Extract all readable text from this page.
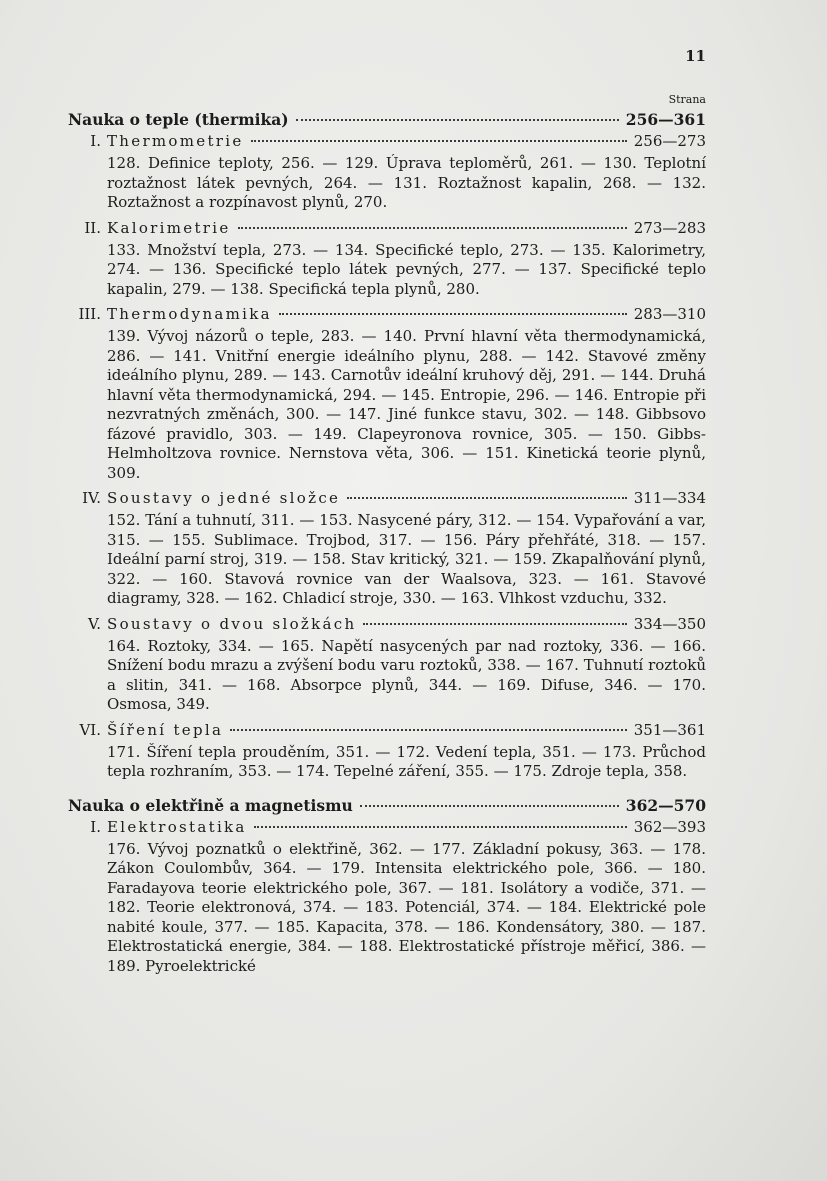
11
Strana
Nauka o teple (thermika)	256—361
I. Thermometrie	256—273
128. Definice teploty, 256. — 129. Úprava teploměrů, 261. — 130. Teplotní roztažnost látek pevných, 264. — 131. Roztažnost kapalin, 268. — 132. Roztažnost a rozpínavost plynů, 270.
II. Kalorimetrie	273—283
133. Množství tepla, 273. — 134. Specifické teplo, 273. — 135. Kalorimetry, 274. — 136. Specifické teplo látek pevných, 277. — 137. Specifické teplo kapalin, 279. — 138. Specifická tepla plynů, 280.
III. Thermodynamika	283—310
139. Vývoj názorů o teple, 283. — 140. První hlavní věta thermodynamická, 286. — 141. Vnitřní energie ideálního plynu, 288. — 142. Stavové změny ideálního plynu, 289. — 143. Carnotův ideální kruhový děj, 291. — 144. Druhá hlavní věta thermodynamická, 294. — 145. Entropie, 296. — 146. Entropie při nezvratných změnách, 300. — 147. Jiné funkce stavu, 302. — 148. Gibbsovo fázové pravidlo, 303. — 149. Clapeyronova rovnice, 305. — 150. Gibbs-Helmholtzova rovnice. Nernstova věta, 306. — 151. Kinetická teorie plynů, 309.
IV. Soustavy o jedné složce	311—334
152. Tání a tuhnutí, 311. — 153. Nasycené páry, 312. — 154. Vypařování a var, 315. — 155. Sublimace. Trojbod, 317. — 156. Páry přehřáté, 318. — 157. Ideální parní stroj, 319. — 158. Stav kritický, 321. — 159. Zkapalňování plynů, 322. — 160. Stavová rovnice van der Waalsova, 323. — 161. Stavové diagramy, 328. — 162. Chladicí stroje, 330. — 163. Vlhkost vzduchu, 332.
V. Soustavy o dvou složkách	334—350
164. Roztoky, 334. — 165. Napětí nasycených par nad roztoky, 336. — 166. Snížení bodu mrazu a zvýšení bodu varu roztoků, 338. — 167. Tuhnutí roztoků a slitin, 341. — 168. Absorpce plynů, 344. — 169. Difuse, 346. — 170. Osmosa, 349.
VI. Šíření tepla	351—361
171. Šíření tepla prouděním, 351. — 172. Vedení tepla, 351. — 173. Průchod tepla rozhraním, 353. — 174. Tepelné záření, 355. — 175. Zdroje tepla, 358.
Nauka o elektřině a magnetismu	362—570
I. Elektrostatika	362—393
176. Vývoj poznatků o elektřině, 362. — 177. Základní pokusy, 363. — 178. Zákon Coulombův, 364. — 179. Intensita elektrického pole, 366. — 180. Faradayova teorie elektrického pole, 367. — 181. Isolátory a vodiče, 371. — 182. Teorie elektronová, 374. — 183. Potenciál, 374. — 184. Elektrické pole nabité koule, 377. — 185. Kapacita, 378. — 186. Kondensátory, 380. — 187. Elektrostatická energie, 384. — 188. Elektrostatické přístroje měřicí, 386. — 189. Pyroelektrické
